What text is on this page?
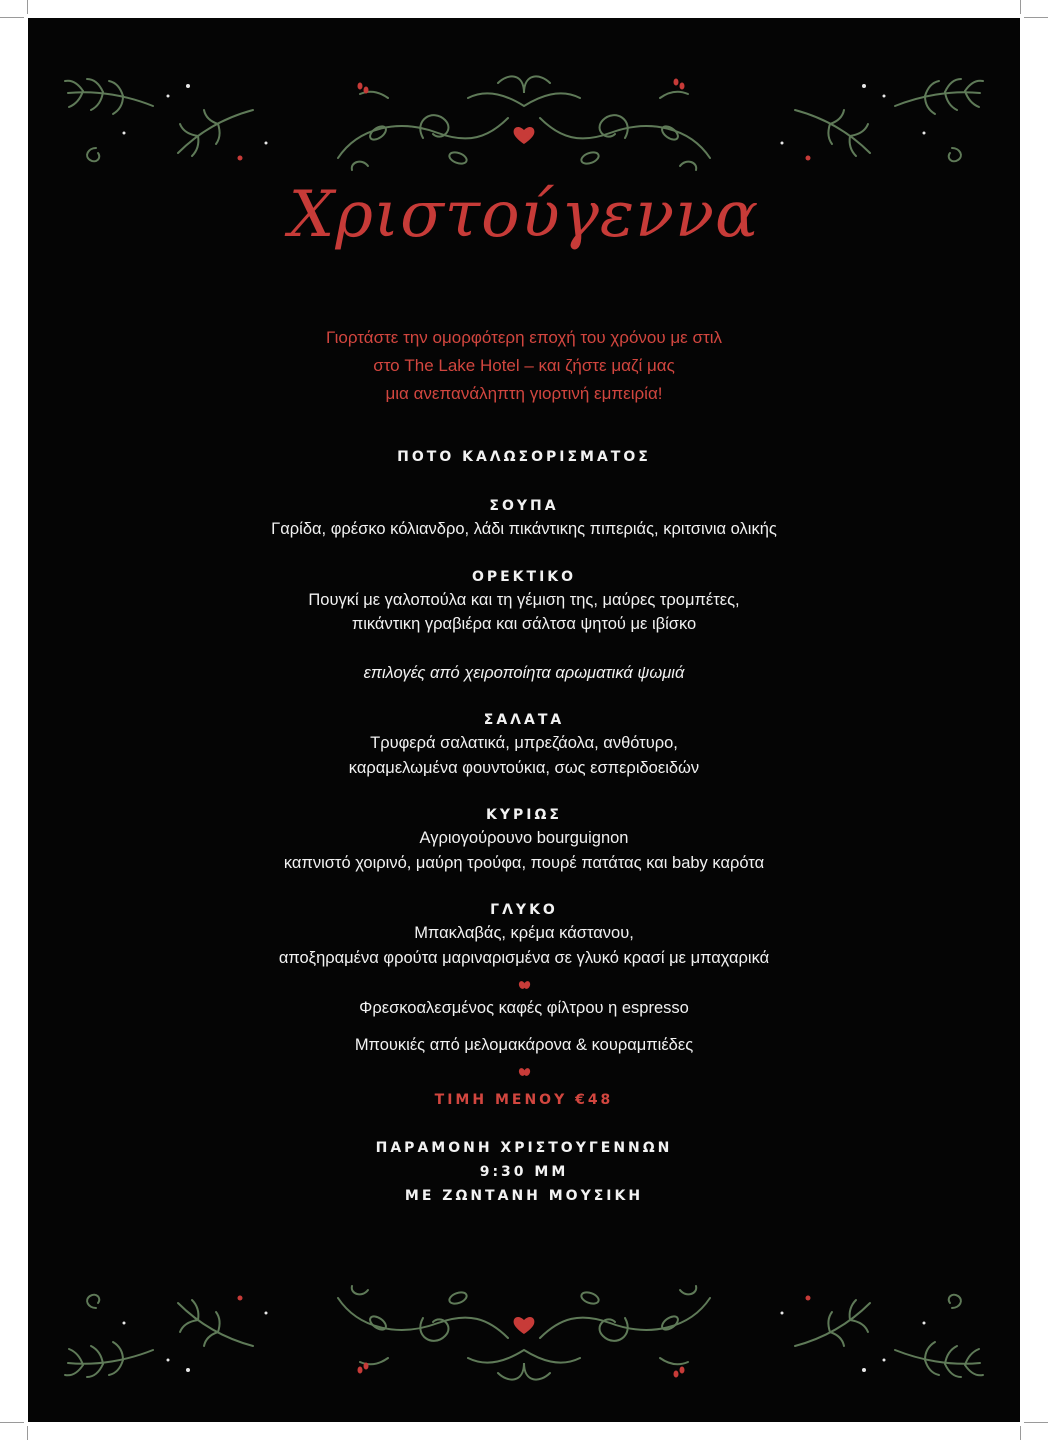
Χριστούγεννα
Γιορτάστε την ομορφότερη εποχή του χρόνου με στιλ
στο The Lake Hotel – και ζήστε μαζί μας
μια ανεπανάληπτη γιορτινή εμπειρία!
ΠΟΤΟ ΚΑΛΩΣΟΡΙΣΜΑΤΟΣ
ΣΟΥΠΑ
Γαρίδα, φρέσκο κόλιανδρο, λάδι πικάντικης πιπεριάς, κριτσινια ολικής
ΟΡΕΚΤΙΚΟ
Πουγκί με γαλοπούλα και τη γέμιση της, μαύρες τρομπέτες,
πικάντικη γραβιέρα και σάλτσα ψητού με ιβίσκο
επιλογές από χειροποίητα αρωματικά ψωμιά
ΣΑΛΑΤΑ
Τρυφερά σαλατικά, μπρεζάολα, ανθότυρο,
καραμελωμένα φουντούκια, σως εσπεριδοειδών
ΚΥΡΙΩΣ
Αγριογούρουνο bourguignon
καπνιστό χοιρινό, μαύρη τρούφα, πουρέ πατάτας και baby καρότα
ΓΛΥΚΟ
Μπακλαβάς, κρέμα κάστανου,
αποξηραμένα φρούτα μαριναρισμένα σε γλυκό κρασί με μπαχαρικά
Φρεσκοαλεσμένος καφές φίλτρου η espresso
Μπουκιές από μελομακάρονα & κουραμπιέδες
ΤΙΜΗ ΜΕΝΟΥ €48
ΠΑΡΑΜΟΝΗ ΧΡΙΣΤΟΥΓΕΝΝΩΝ
9:30 ΜΜ
ΜΕ ΖΩΝΤΑΝΗ ΜΟΥΣΙΚΗ
